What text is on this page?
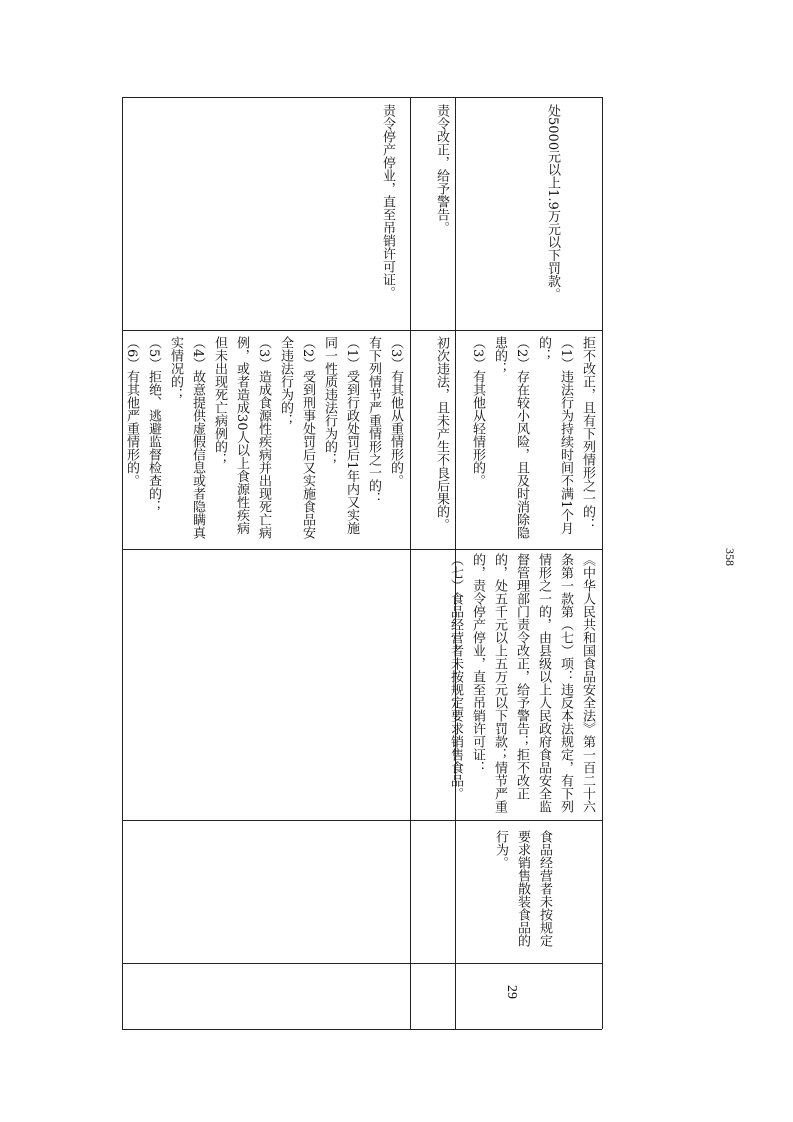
（3）有其他从重情形的。
有下列情节严重情形之一的：
（1）受到行政处罚后1年内又实施同一性质违法行为的；
（2）受到刑事处罚后又实施食品安全违法行为的；
（3）造成食源性疾病并出现死亡病例，或者造成30人以上食源性疾病但未出现死亡病例的；
（4）故意提供虚假信息或者隐瞒真实情况的；
（5）拒绝、逃避监督检查的；
（6）有其他严重情形的。
责令停产停业，直至吊销许可证。
初次违法，且未产生不良后果的。
责令改正，给予警告。
拒不改正，且有下列情形之一的：
（1）违法行为持续时间不满1个月的；
（2）存在较小风险，且及时消除隐患的；
（3）有其他从轻情形的。
处5000元以上1.9万元以下罚款。
《中华人民共和国食品安全法》第一百二十六条第一款第（七）项：违反本法规定，有下列情形之一的，由县级以上人民政府食品安全监督管理部门责令改正，给予警告；拒不改正的，处五千元以上五万元以下罚款；情节严重的，责令停产停业，直至吊销许可证：
（七）食品经营者未按规定要求销售食品。
食品经营者未按规定要求销售散装食品的行为。
29
358
